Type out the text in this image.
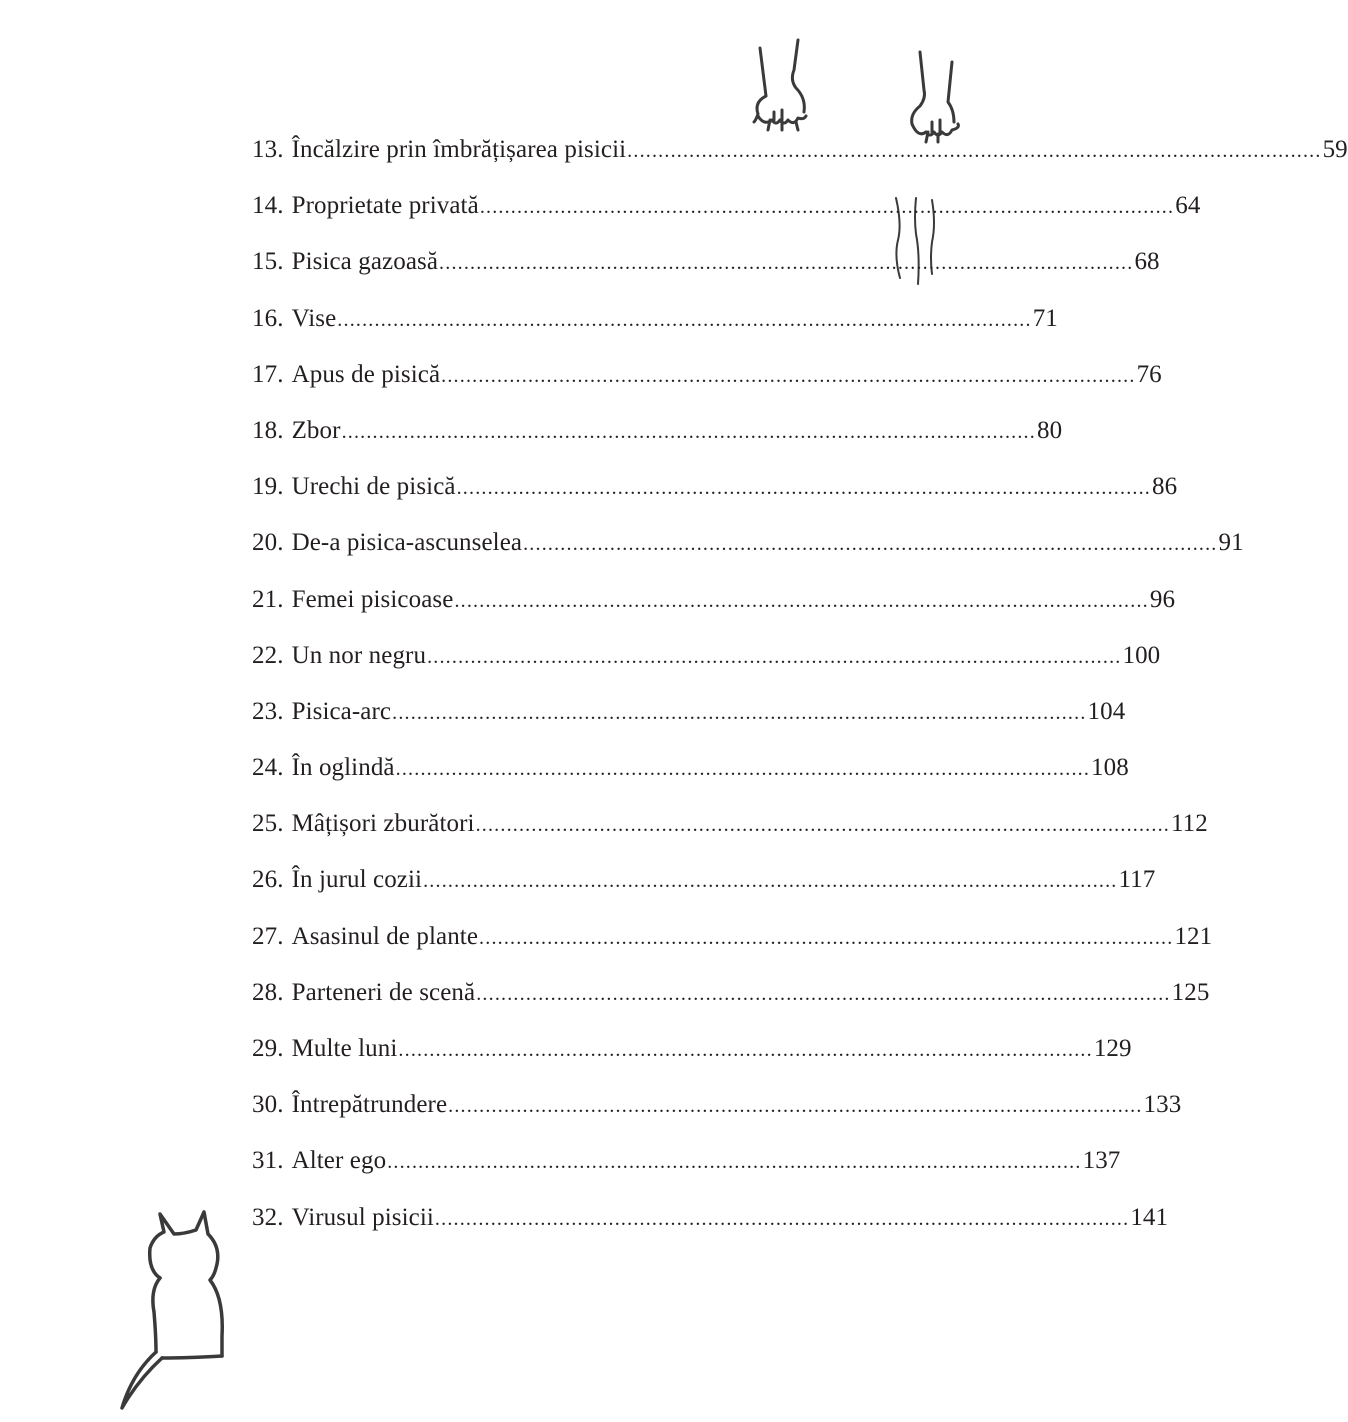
13. Încălzire prin îmbrățișarea pisicii ................................................................................................................ 59
14. Proprietate privată ................................................................................................................ 64
15. Pisica gazoasă ................................................................................................................ 68
16. Vise ................................................................................................................ 71
17. Apus de pisică ................................................................................................................ 76
18. Zbor ................................................................................................................ 80
19. Urechi de pisică ................................................................................................................ 86
20. De-a pisica-ascunselea ................................................................................................................ 91
21. Femei pisicoase ................................................................................................................ 96
22. Un nor negru ................................................................................................................ 100
23. Pisica-arc ................................................................................................................ 104
24. În oglindă ................................................................................................................ 108
25. Mâțișori zburători ................................................................................................................ 112
26. În jurul cozii ................................................................................................................ 117
27. Asasinul de plante ................................................................................................................ 121
28. Parteneri de scenă ................................................................................................................ 125
29. Multe luni ................................................................................................................ 129
30. Întrepătrundere ................................................................................................................ 133
31. Alter ego ................................................................................................................ 137
32. Virusul pisicii ................................................................................................................ 141
